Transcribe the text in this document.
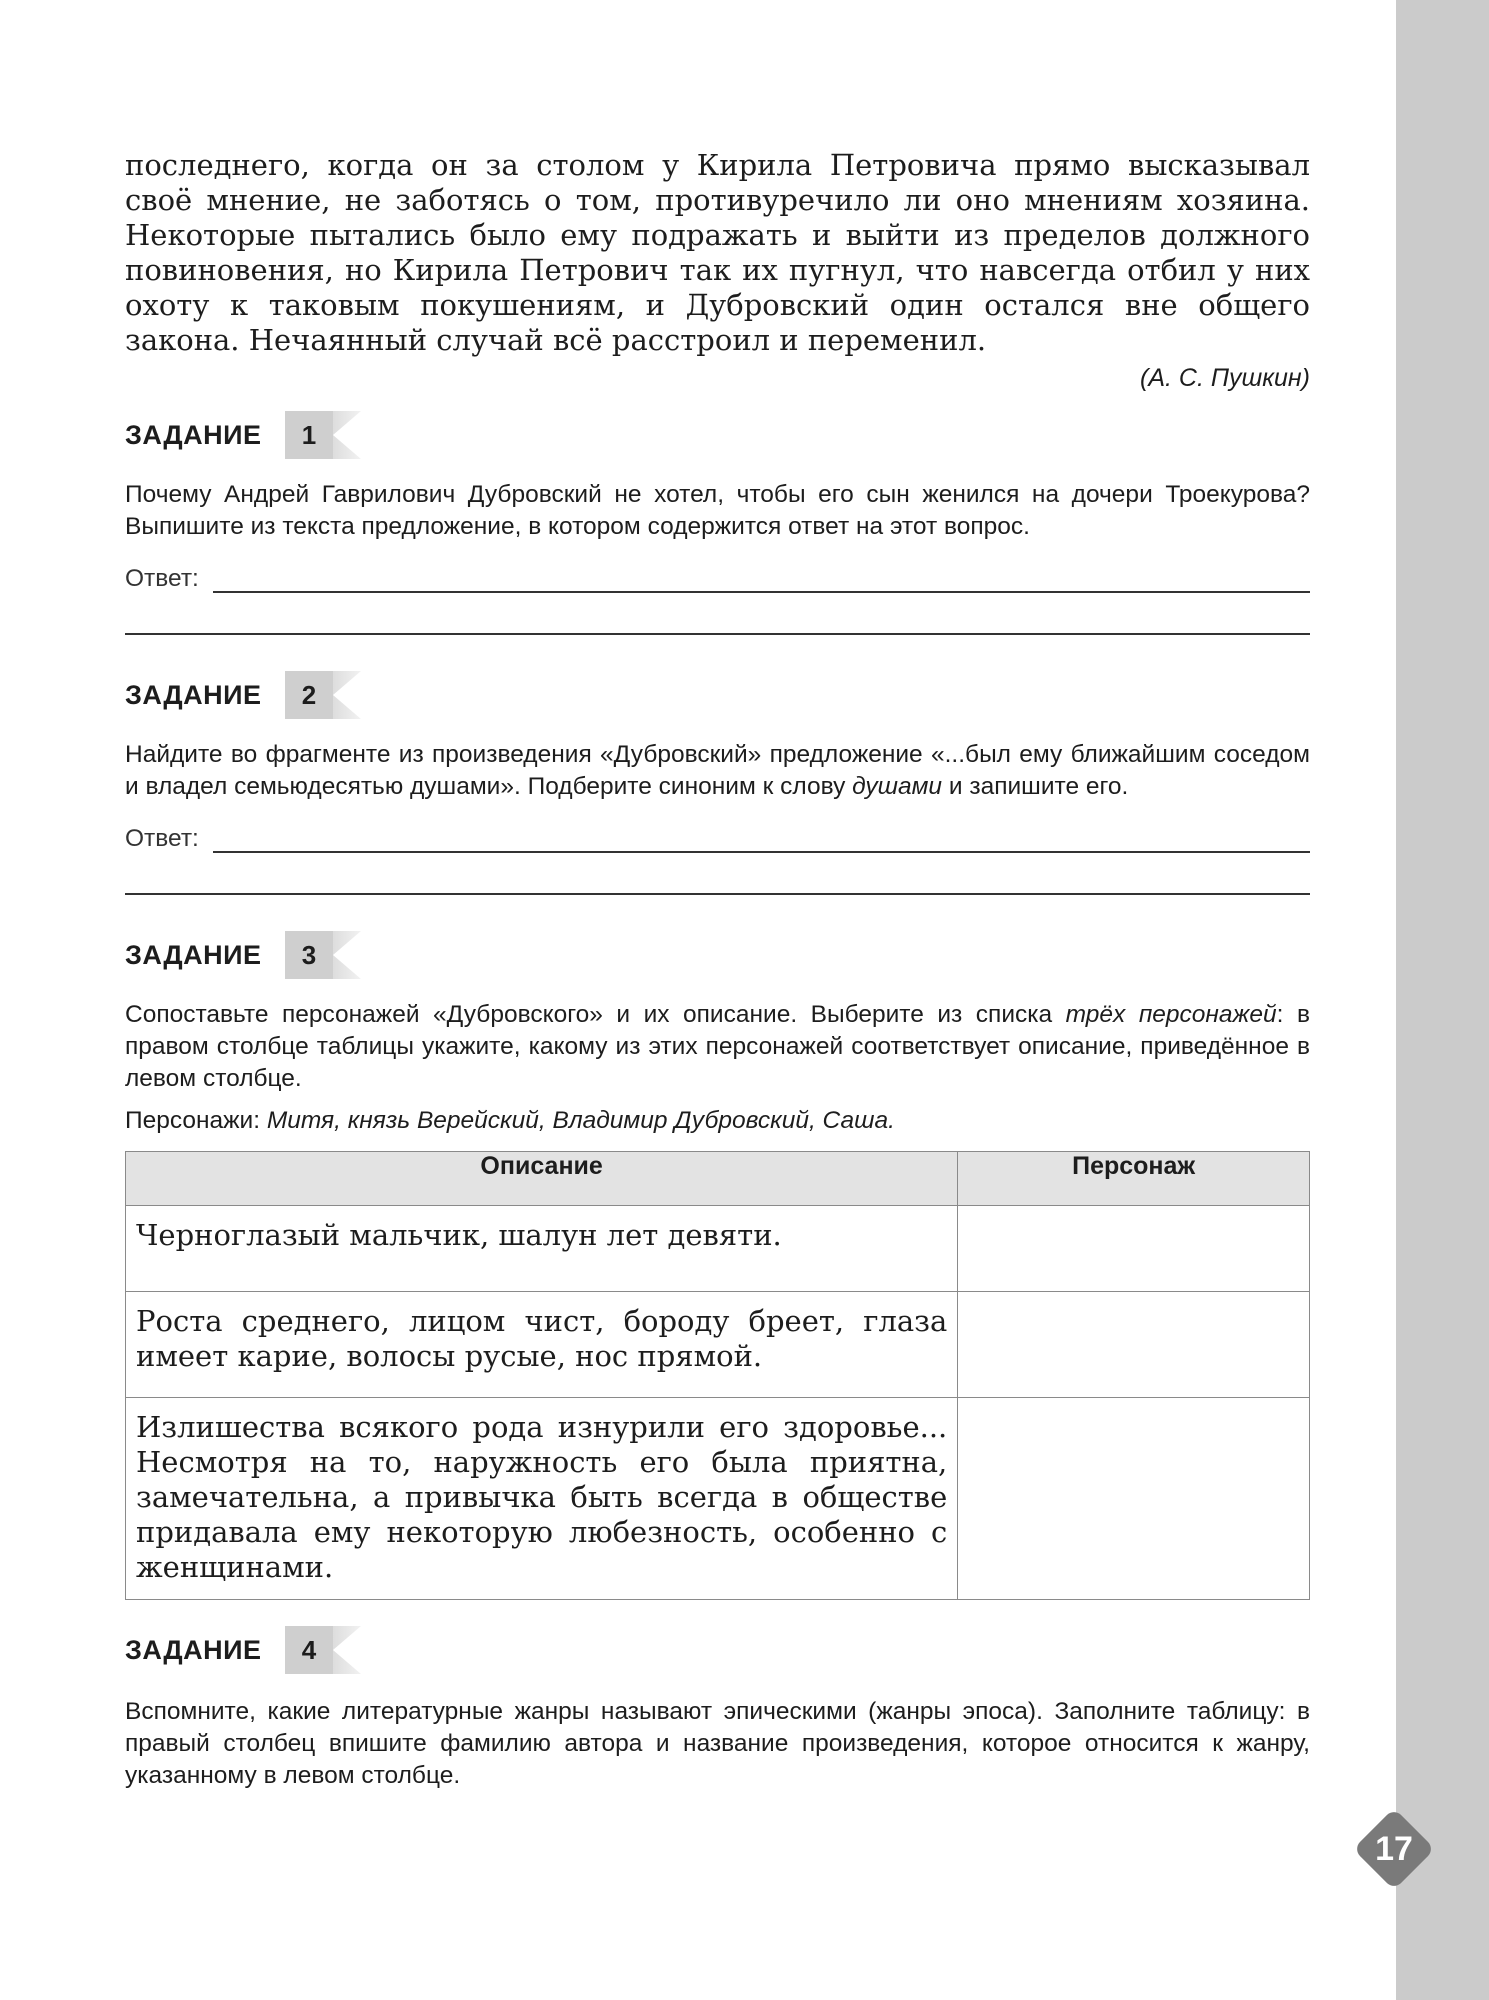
17

последнего, когда он за столом у Кирила Петровича прямо высказывал своё мнение, не заботясь о том, противуречило ли оно мнениям хозяина. Некоторые пытались было ему подражать и выйти из пределов должного повиновения, но Кирила Петрович так их пугнул, что навсегда отбил у них охоту к таковым покушениям, и Дубровский один остался вне общего закона. Нечаянный случай всё расстроил и переменил.

(А. С. Пушкин)

ЗАДАНИЕ	1

Почему Андрей Гаврилович Дубровский не хотел, чтобы его сын женился на дочери Троекурова? Выпишите из текста предложение, в котором содержится ответ на этот вопрос.

Ответ:
ЗАДАНИЕ	2

Найдите во фрагменте из произведения «Дубровский» предложение «...был ему ближайшим соседом и владел семьюдесятью душами». Подберите синоним к слову душами и запишите его.

Ответ:
ЗАДАНИЕ	3

Сопоставьте персонажей «Дубровского» и их описание. Выберите из списка трёх персонажей: в правом столбце таблицы укажите, какому из этих персонажей соответствует описание, приведённое в левом столбце.

Персонажи: Митя, князь Верейский, Владимир Дубровский, Саша.

Описание	Персонаж
Черноглазый мальчик, шалун лет девяти.	
Роста среднего, лицом чист, бороду бреет, глаза имеет карие, волосы русые, нос прямой.	
Излишества всякого рода изнурили его здоровье... Несмотря на то, наружность его была приятна, замечательна, а привычка быть всегда в обществе придавала ему некоторую любезность, особенно с женщинами.	
ЗАДАНИЕ	4

Вспомните, какие литературные жанры называют эпическими (жанры эпоса). Заполните таблицу: в правый столбец впишите фамилию автора и название произведения, которое относится к жанру, указанному в левом столбце.
